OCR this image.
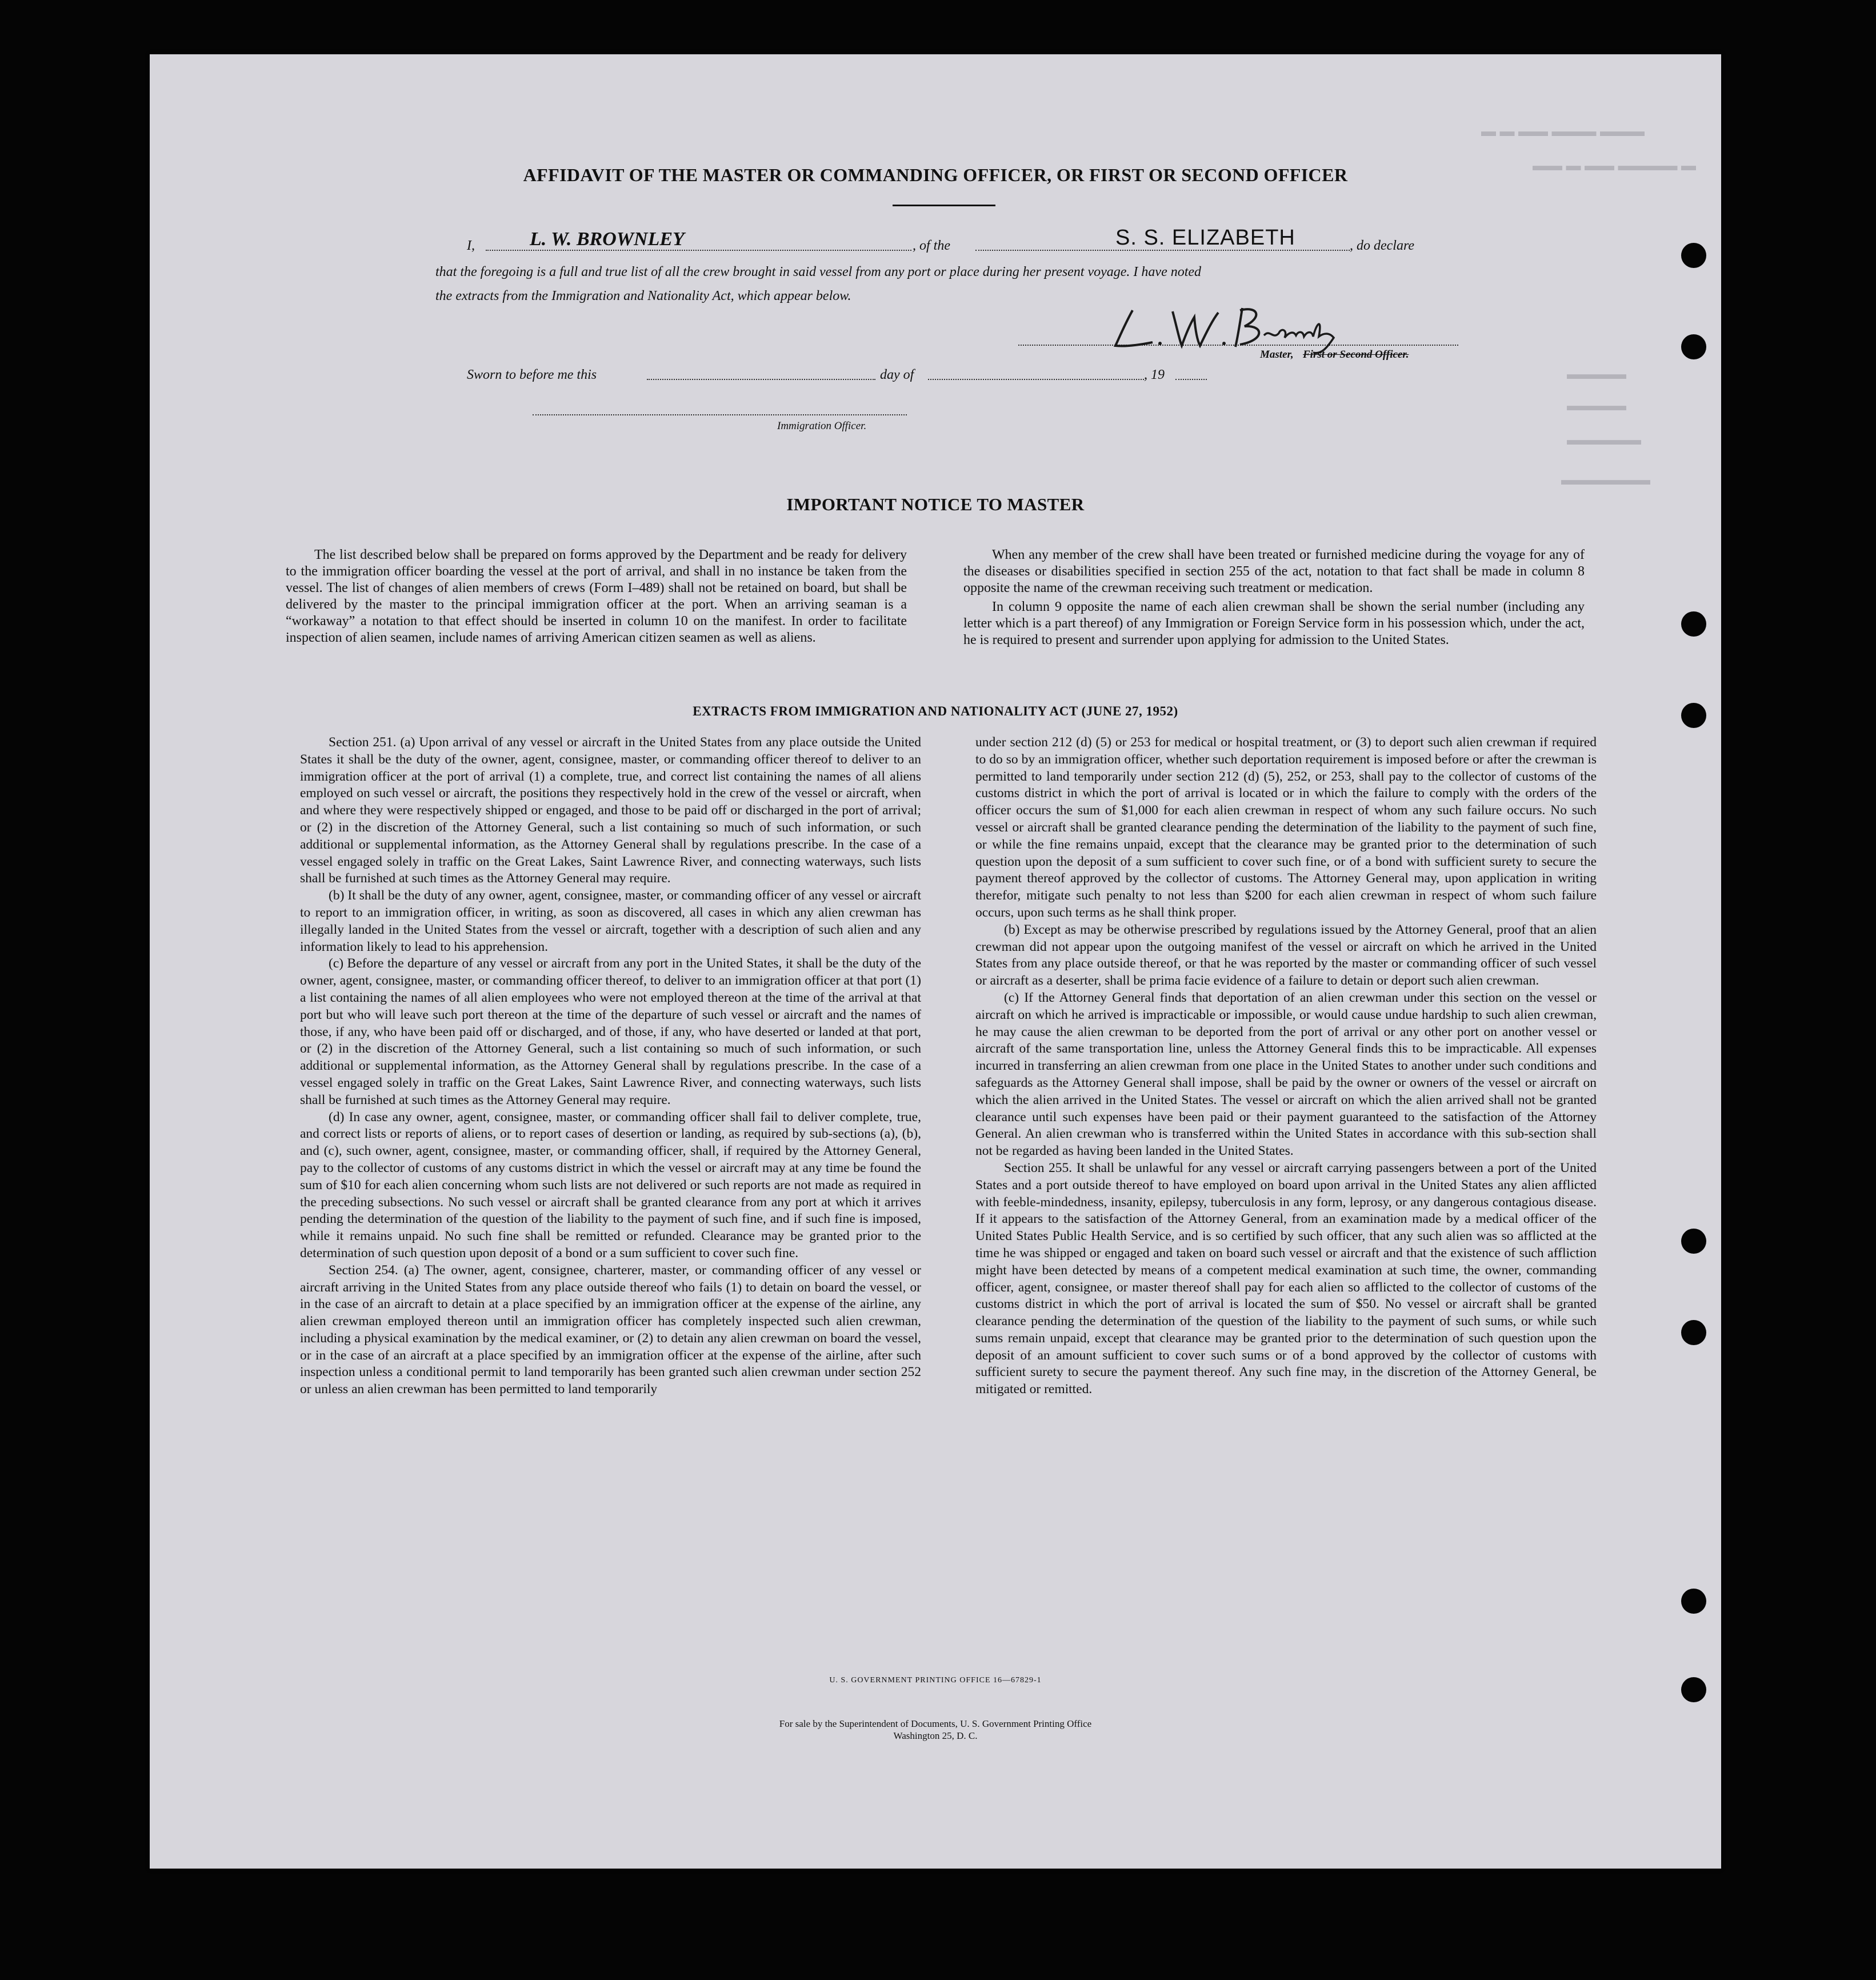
▬ ▬ ▬▬ ▬▬▬ ▬▬▬
▬▬ ▬ ▬▬ ▬▬▬▬ ▬
▬▬▬▬
▬▬▬▬
▬▬▬▬▬
▬▬▬▬▬▬
AFFIDAVIT OF THE MASTER OR COMMANDING OFFICER, OR FIRST OR SECOND OFFICER
I,	L. W. BROWNLEY	, of the	S. S. ELIZABETH	, do declare
that the foregoing is a full and true list of all the crew brought in said vessel from any port or place during her present voyage. I have noted
the extracts from the Immigration and Nationality Act, which appear below.
Master, First or Second Officer.
Sworn to before me this	day of	, 19
Immigration Officer.
IMPORTANT NOTICE TO MASTER

The list described below shall be prepared on forms approved by the Department and be ready for delivery to the immigration officer boarding the vessel at the port of arrival, and shall in no instance be taken from the vessel. The list of changes of alien members of crews (Form I–489) shall not be retained on board, but shall be delivered by the master to the principal immigration officer at the port. When an arriving seaman is a “workaway” a notation to that effect should be inserted in column 10 on the manifest. In order to facilitate inspection of alien seamen, include names of arriving American citizen seamen as well as aliens.

When any member of the crew shall have been treated or furnished medicine during the voyage for any of the diseases or disabilities specified in section 255 of the act, notation to that fact shall be made in column 8 opposite the name of the crewman receiving such treatment or medication.

In column 9 opposite the name of each alien crewman shall be shown the serial number (including any letter which is a part thereof) of any Immigration or Foreign Service form in his possession which, under the act, he is required to present and surrender upon applying for admission to the United States.

EXTRACTS FROM IMMIGRATION AND NATIONALITY ACT (JUNE 27, 1952)

Section 251. (a) Upon arrival of any vessel or aircraft in the United States from any place outside the United States it shall be the duty of the owner, agent, consignee, master, or commanding officer thereof to deliver to an immigration officer at the port of arrival (1) a complete, true, and correct list containing the names of all aliens employed on such vessel or aircraft, the positions they respectively hold in the crew of the vessel or aircraft, when and where they were respectively shipped or engaged, and those to be paid off or discharged in the port of arrival; or (2) in the discretion of the Attorney General, such a list containing so much of such information, or such additional or supplemental information, as the Attorney General shall by regulations prescribe. In the case of a vessel engaged solely in traffic on the Great Lakes, Saint Lawrence River, and connecting waterways, such lists shall be furnished at such times as the Attorney General may require.

(b) It shall be the duty of any owner, agent, consignee, master, or commanding officer of any vessel or aircraft to report to an immigration officer, in writing, as soon as discovered, all cases in which any alien crewman has illegally landed in the United States from the vessel or aircraft, together with a description of such alien and any information likely to lead to his apprehension.

(c) Before the departure of any vessel or aircraft from any port in the United States, it shall be the duty of the owner, agent, consignee, master, or commanding officer thereof, to deliver to an immigration officer at that port (1) a list containing the names of all alien employees who were not employed thereon at the time of the arrival at that port but who will leave such port thereon at the time of the departure of such vessel or aircraft and the names of those, if any, who have been paid off or discharged, and of those, if any, who have deserted or landed at that port, or (2) in the discretion of the Attorney General, such a list containing so much of such information, or such additional or supplemental information, as the Attorney General shall by regulations prescribe. In the case of a vessel engaged solely in traffic on the Great Lakes, Saint Lawrence River, and connecting waterways, such lists shall be furnished at such times as the Attorney General may require.

(d) In case any owner, agent, consignee, master, or commanding officer shall fail to deliver complete, true, and correct lists or reports of aliens, or to report cases of desertion or landing, as required by sub-sections (a), (b), and (c), such owner, agent, consignee, master, or commanding officer, shall, if required by the Attorney General, pay to the collector of customs of any customs district in which the vessel or aircraft may at any time be found the sum of $10 for each alien concerning whom such lists are not delivered or such reports are not made as required in the preceding subsections. No such vessel or aircraft shall be granted clearance from any port at which it arrives pending the determination of the question of the liability to the payment of such fine, and if such fine is imposed, while it remains unpaid. No such fine shall be remitted or refunded. Clearance may be granted prior to the determination of such question upon deposit of a bond or a sum sufficient to cover such fine.

Section 254. (a) The owner, agent, consignee, charterer, master, or commanding officer of any vessel or aircraft arriving in the United States from any place outside thereof who fails (1) to detain on board the vessel, or in the case of an aircraft to detain at a place specified by an immigration officer at the expense of the airline, any alien crewman employed thereon until an immigration officer has completely inspected such alien crewman, including a physical examination by the medical examiner, or (2) to detain any alien crewman on board the vessel, or in the case of an aircraft at a place specified by an immigration officer at the expense of the airline, after such inspection unless a conditional permit to land temporarily has been granted such alien crewman under section 252 or unless an alien crewman has been permitted to land temporarily

under section 212 (d) (5) or 253 for medical or hospital treatment, or (3) to deport such alien crewman if required to do so by an immigration officer, whether such deportation requirement is imposed before or after the crewman is permitted to land temporarily under section 212 (d) (5), 252, or 253, shall pay to the collector of customs of the customs district in which the port of arrival is located or in which the failure to comply with the orders of the officer occurs the sum of $1,000 for each alien crewman in respect of whom any such failure occurs. No such vessel or aircraft shall be granted clearance pending the determination of the liability to the payment of such fine, or while the fine remains unpaid, except that the clearance may be granted prior to the determination of such question upon the deposit of a sum sufficient to cover such fine, or of a bond with sufficient surety to secure the payment thereof approved by the collector of customs. The Attorney General may, upon application in writing therefor, mitigate such penalty to not less than $200 for each alien crewman in respect of whom such failure occurs, upon such terms as he shall think proper.

(b) Except as may be otherwise prescribed by regulations issued by the Attorney General, proof that an alien crewman did not appear upon the outgoing manifest of the vessel or aircraft on which he arrived in the United States from any place outside thereof, or that he was reported by the master or commanding officer of such vessel or aircraft as a deserter, shall be prima facie evidence of a failure to detain or deport such alien crewman.

(c) If the Attorney General finds that deportation of an alien crewman under this section on the vessel or aircraft on which he arrived is impracticable or impossible, or would cause undue hardship to such alien crewman, he may cause the alien crewman to be deported from the port of arrival or any other port on another vessel or aircraft of the same transportation line, unless the Attorney General finds this to be impracticable. All expenses incurred in transferring an alien crewman from one place in the United States to another under such conditions and safeguards as the Attorney General shall impose, shall be paid by the owner or owners of the vessel or aircraft on which the alien arrived in the United States. The vessel or aircraft on which the alien arrived shall not be granted clearance until such expenses have been paid or their payment guaranteed to the satisfaction of the Attorney General. An alien crewman who is transferred within the United States in accordance with this sub-section shall not be regarded as having been landed in the United States.

Section 255. It shall be unlawful for any vessel or aircraft carrying passengers between a port of the United States and a port outside thereof to have employed on board upon arrival in the United States any alien afflicted with feeble-mindedness, insanity, epilepsy, tuberculosis in any form, leprosy, or any dangerous contagious disease. If it appears to the satisfaction of the Attorney General, from an examination made by a medical officer of the United States Public Health Service, and is so certified by such officer, that any such alien was so afflicted at the time he was shipped or engaged and taken on board such vessel or aircraft and that the existence of such affliction might have been detected by means of a competent medical examination at such time, the owner, commanding officer, agent, consignee, or master thereof shall pay for each alien so afflicted to the collector of customs of the customs district in which the port of arrival is located the sum of $50. No vessel or aircraft shall be granted clearance pending the determination of the question of the liability to the payment of such sums, or while such sums remain unpaid, except that clearance may be granted prior to the determination of such question upon the deposit of an amount sufficient to cover such sums or of a bond approved by the collector of customs with sufficient surety to secure the payment thereof. Any such fine may, in the discretion of the Attorney General, be mitigated or remitted.

U. S. GOVERNMENT PRINTING OFFICE 16—67829-1
For sale by the Superintendent of Documents, U. S. Government Printing Office
Washington 25, D. C.
